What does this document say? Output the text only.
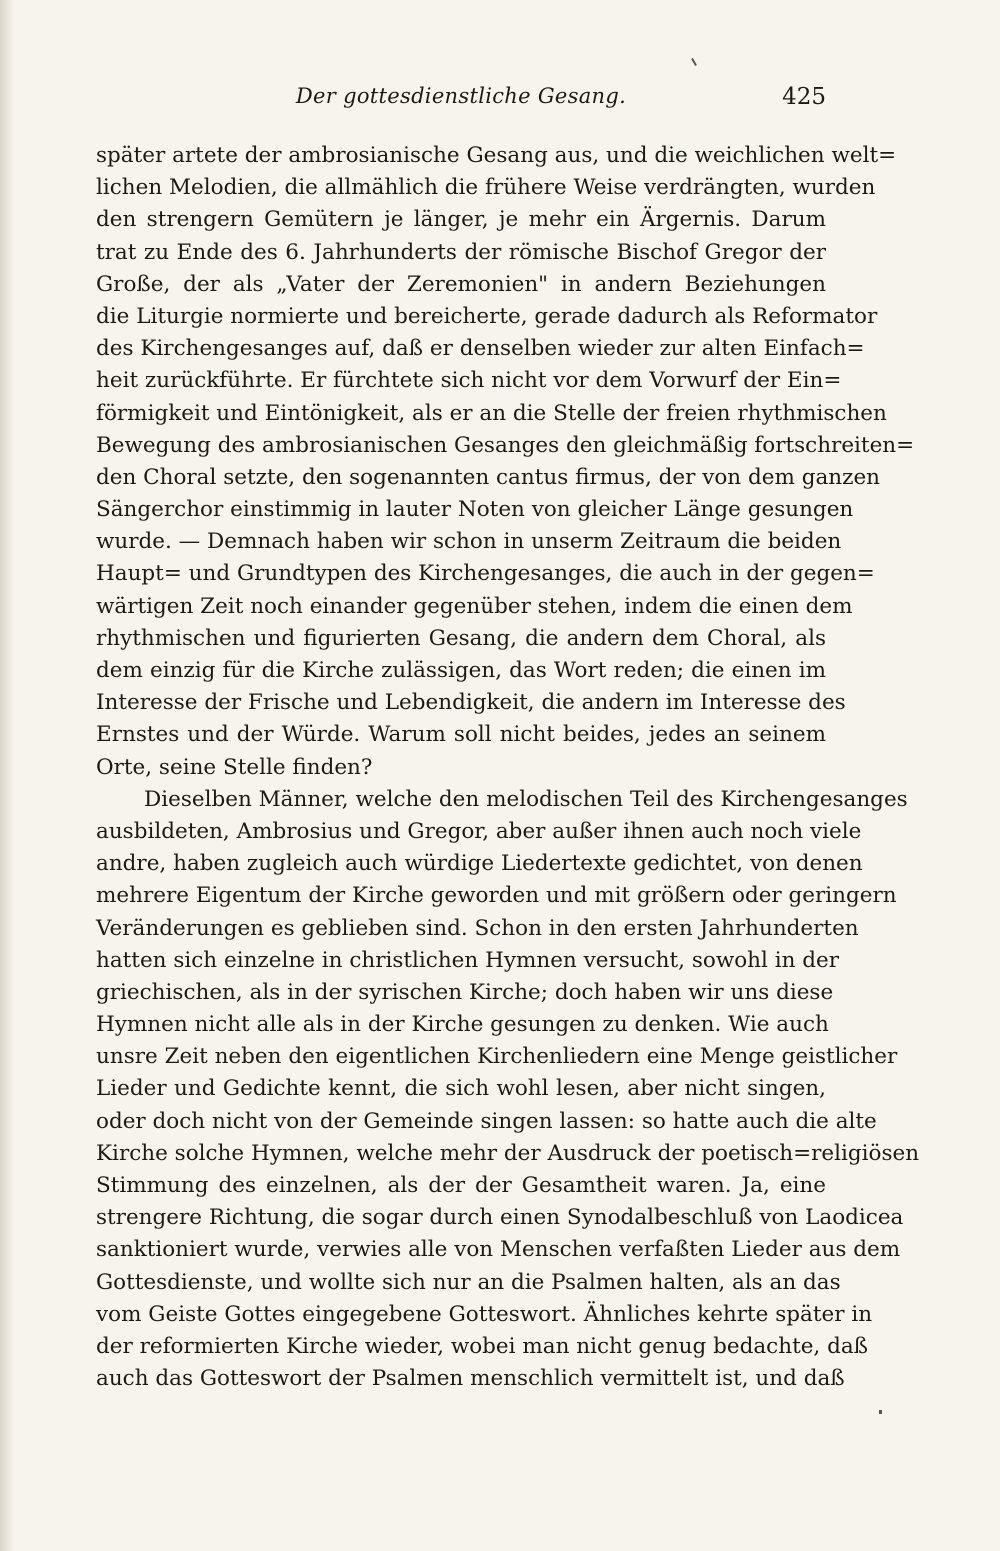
Der gottesdienstliche Gesang.	425
später artete der ambrosianische Gesang aus, und die weichlichen welt=
lichen Melodien, die allmählich die frühere Weise verdrängten, wurden
den strengern Gemütern je länger, je mehr ein Ärgernis. Darum
trat zu Ende des 6. Jahrhunderts der römische Bischof Gregor der
Große, der als „Vater der Zeremonien" in andern Beziehungen
die Liturgie normierte und bereicherte, gerade dadurch als Reformator
des Kirchengesanges auf, daß er denselben wieder zur alten Einfach=
heit zurückführte. Er fürchtete sich nicht vor dem Vorwurf der Ein=
förmigkeit und Eintönigkeit, als er an die Stelle der freien rhythmischen
Bewegung des ambrosianischen Gesanges den gleichmäßig fortschreiten=
den Choral setzte, den sogenannten cantus firmus, der von dem ganzen
Sängerchor einstimmig in lauter Noten von gleicher Länge gesungen
wurde. — Demnach haben wir schon in unserm Zeitraum die beiden
Haupt= und Grundtypen des Kirchengesanges, die auch in der gegen=
wärtigen Zeit noch einander gegenüber stehen, indem die einen dem
rhythmischen und figurierten Gesang, die andern dem Choral, als
dem einzig für die Kirche zulässigen, das Wort reden; die einen im
Interesse der Frische und Lebendigkeit, die andern im Interesse des
Ernstes und der Würde. Warum soll nicht beides, jedes an seinem
Orte, seine Stelle finden?
Dieselben Männer, welche den melodischen Teil des Kirchengesanges
ausbildeten, Ambrosius und Gregor, aber außer ihnen auch noch viele
andre, haben zugleich auch würdige Liedertexte gedichtet, von denen
mehrere Eigentum der Kirche geworden und mit größern oder geringern
Veränderungen es geblieben sind. Schon in den ersten Jahrhunderten
hatten sich einzelne in christlichen Hymnen versucht, sowohl in der
griechischen, als in der syrischen Kirche; doch haben wir uns diese
Hymnen nicht alle als in der Kirche gesungen zu denken. Wie auch
unsre Zeit neben den eigentlichen Kirchenliedern eine Menge geistlicher
Lieder und Gedichte kennt, die sich wohl lesen, aber nicht singen,
oder doch nicht von der Gemeinde singen lassen: so hatte auch die alte
Kirche solche Hymnen, welche mehr der Ausdruck der poetisch=religiösen
Stimmung des einzelnen, als der der Gesamtheit waren. Ja, eine
strengere Richtung, die sogar durch einen Synodalbeschluß von Laodicea
sanktioniert wurde, verwies alle von Menschen verfaßten Lieder aus dem
Gottesdienste, und wollte sich nur an die Psalmen halten, als an das
vom Geiste Gottes eingegebene Gotteswort. Ähnliches kehrte später in
der reformierten Kirche wieder, wobei man nicht genug bedachte, daß
auch das Gotteswort der Psalmen menschlich vermittelt ist, und daß
